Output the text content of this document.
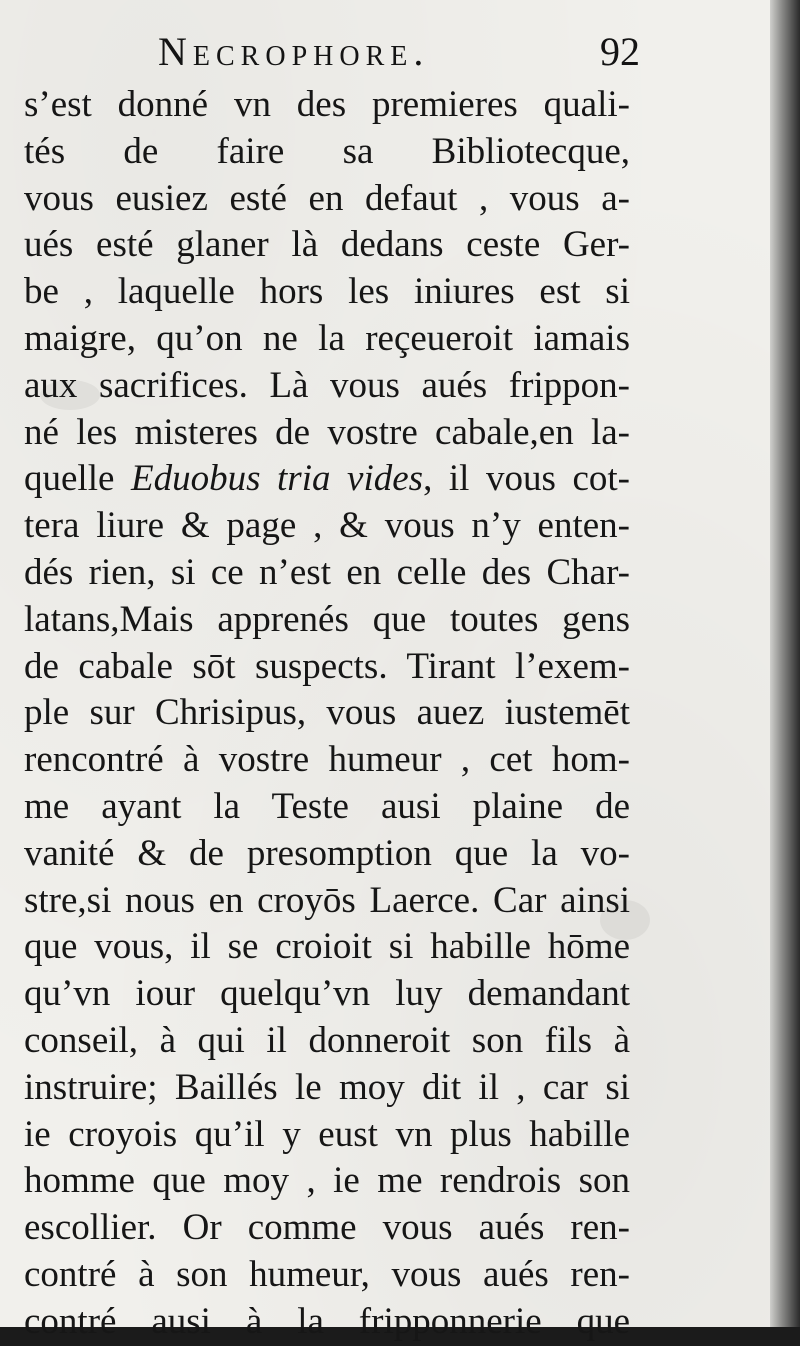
Necrophore.	92
s’est donné vn des premieres quali-
tés de faire sa Bibliotecque,
vous eusiez esté en defaut , vous a-
ués esté glaner là dedans ceste Ger-
be , laquelle hors les iniures est si
maigre, qu’on ne la reçeueroit iamais
aux sacrifices. Là vous aués frippon-
né les misteres de vostre cabale,en la-
quelle Eduobus tria vides, il vous cot-
tera liure & page , & vous n’y enten-
dés rien, si ce n’est en celle des Char-
latans,Mais apprenés que toutes gens
de cabale sōt suspects. Tirant l’exem-
ple sur Chrisipus, vous auez iustemēt
rencontré à vostre humeur , cet hom-
me ayant la Teste ausi plaine de
vanité & de presomption que la vo-
stre,si nous en croyōs Laerce. Car ainsi
que vous, il se croioit si habille hōme
qu’vn iour quelqu’vn luy demandant
conseil, à qui il donneroit son fils à
instruire; Baillés le moy dit il , car si
ie croyois qu’il y eust vn plus habille
homme que moy , ie me rendrois son
escollier. Or comme vous aués ren-
contré à son humeur, vous aués ren-
contré ausi à la fripponnerie que
